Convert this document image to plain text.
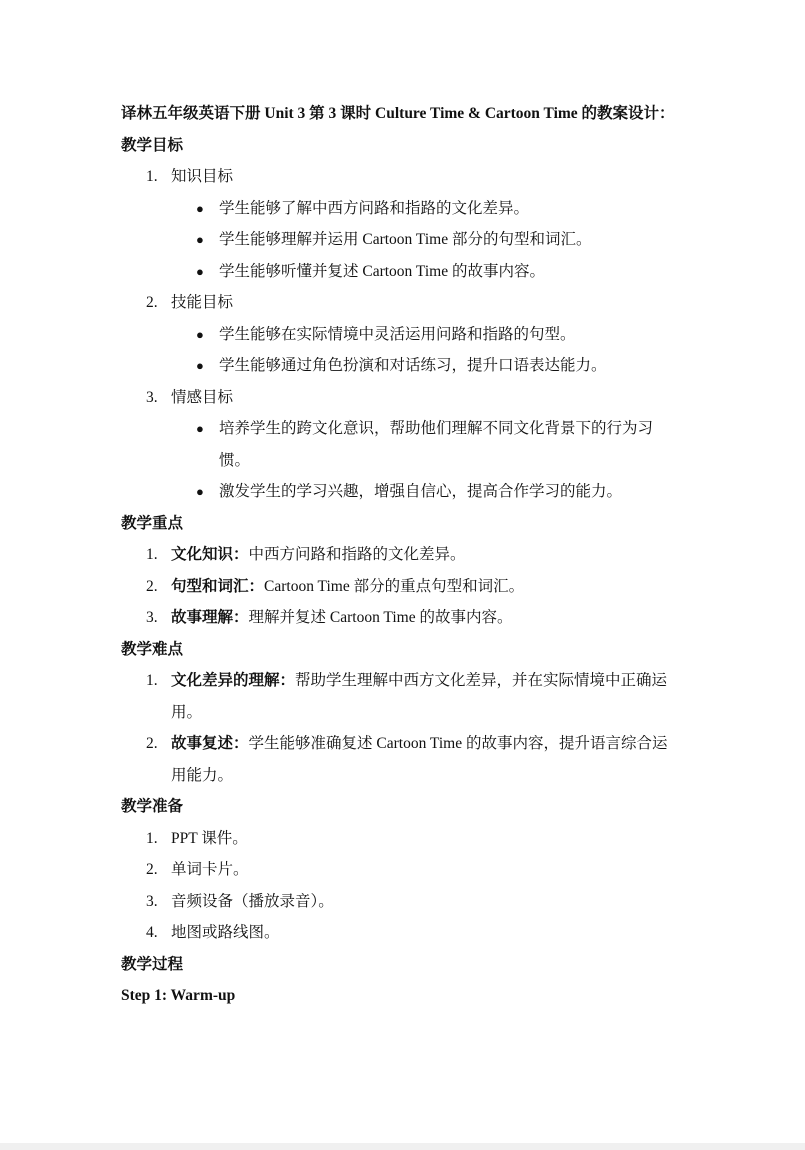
译林五年级英语下册 Unit 3 第 3 课时 Culture Time & Cartoon Time 的教案设计：
教学目标
1. 知识目标
● 学生能够了解中西方问路和指路的文化差异。
● 学生能够理解并运用 Cartoon Time 部分的句型和词汇。
● 学生能够听懂并复述 Cartoon Time 的故事内容。
2. 技能目标
● 学生能够在实际情境中灵活运用问路和指路的句型。
● 学生能够通过角色扮演和对话练习，提升口语表达能力。
3. 情感目标
● 培养学生的跨文化意识，帮助他们理解不同文化背景下的行为习惯。
● 激发学生的学习兴趣，增强自信心，提高合作学习的能力。
教学重点
1. 文化知识：中西方问路和指路的文化差异。
2. 句型和词汇：Cartoon Time 部分的重点句型和词汇。
3. 故事理解：理解并复述 Cartoon Time 的故事内容。
教学难点
1. 文化差异的理解：帮助学生理解中西方文化差异，并在实际情境中正确运用。
2. 故事复述：学生能够准确复述 Cartoon Time 的故事内容，提升语言综合运用能力。
教学准备
1. PPT 课件。
2. 单词卡片。
3. 音频设备（播放录音）。
4. 地图或路线图。
教学过程
Step 1: Warm-up
